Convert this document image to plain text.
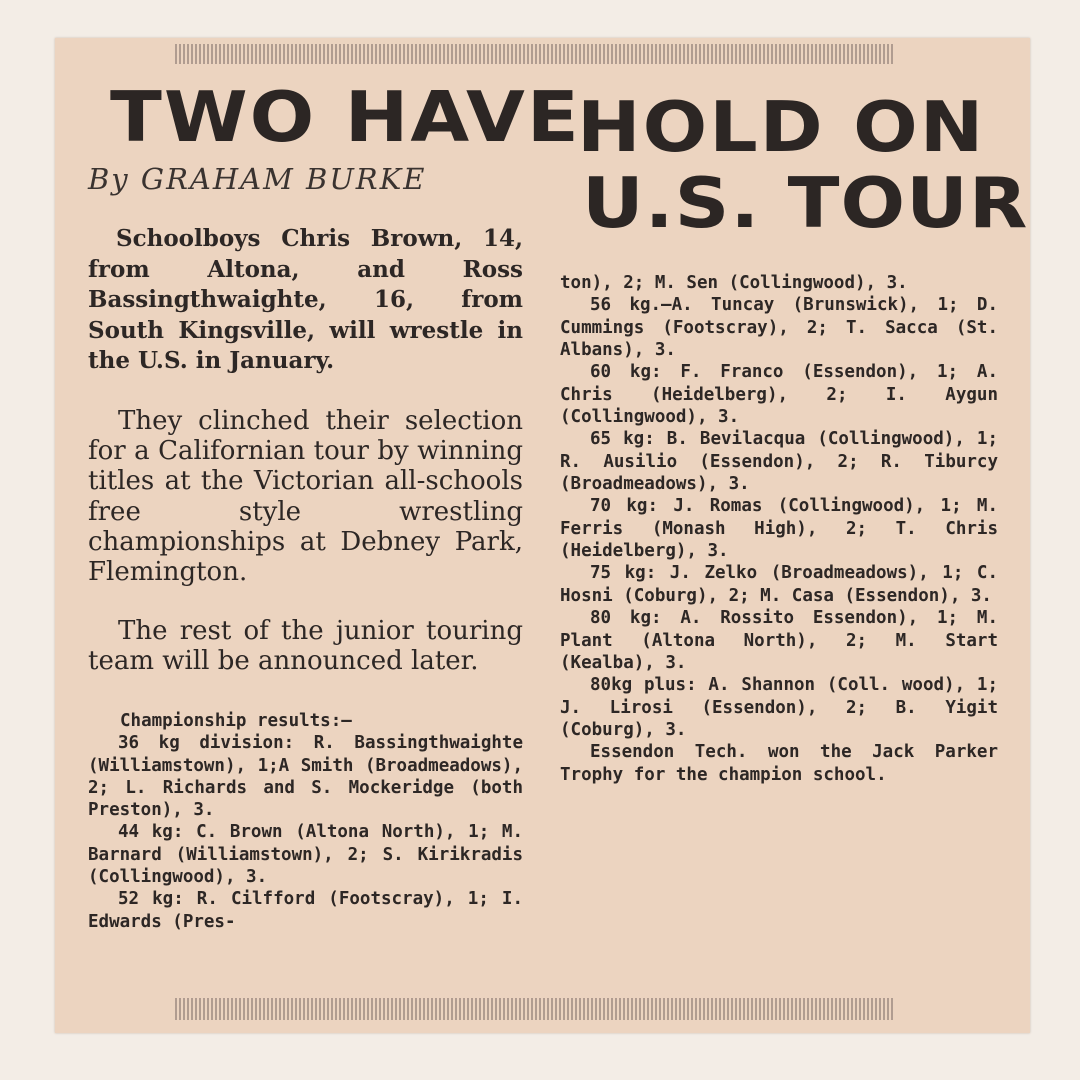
TWO HAVE
HOLD ON
U.S. TOUR

By GRAHAM BURKE

Schoolboys Chris Brown, 14, from Altona, and Ross Bassingthwaighte, 16, from South Kingsville, will wrestle in the U.S. in January.

They clinched their selection for a Californian tour by winning titles at the Victorian all-schools free style wrestling championships at Debney Park, Flemington.

The rest of the junior touring team will be announced later.

Championship results:—

36 kg division: R. Bassingthwaighte (Williamstown), 1;A Smith (Broadmeadows), 2; L. Richards and S. Mockeridge (both Preston), 3.

44 kg: C. Brown (Altona North), 1; M. Barnard (Williamstown), 2; S. Kirikradis (Collingwood), 3.

52 kg: R. Cilfford (Footscray), 1; I. Edwards (Pres-

ton), 2; M. Sen (Collingwood), 3.

56 kg.—A. Tuncay (Brunswick), 1; D. Cummings (Footscray), 2; T. Sacca (St. Albans), 3.

60 kg: F. Franco (Essendon), 1; A. Chris (Heidelberg), 2; I. Aygun (Collingwood), 3.

65 kg: B. Bevilacqua (Collingwood), 1; R. Ausilio (Essendon), 2; R. Tiburcy (Broadmeadows), 3.

70 kg: J. Romas (Collingwood), 1; M. Ferris (Monash High), 2; T. Chris (Heidelberg), 3.

75 kg: J. Zelko (Broadmeadows), 1; C. Hosni (Coburg), 2; M. Casa (Essendon), 3.

80 kg: A. Rossito Essendon), 1; M. Plant (Altona North), 2; M. Start (Kealba), 3.

80kg plus: A. Shannon (Coll. wood), 1; J. Lirosi (Essendon), 2; B. Yigit (Coburg), 3.

Essendon Tech. won the Jack Parker Trophy for the champion school.
